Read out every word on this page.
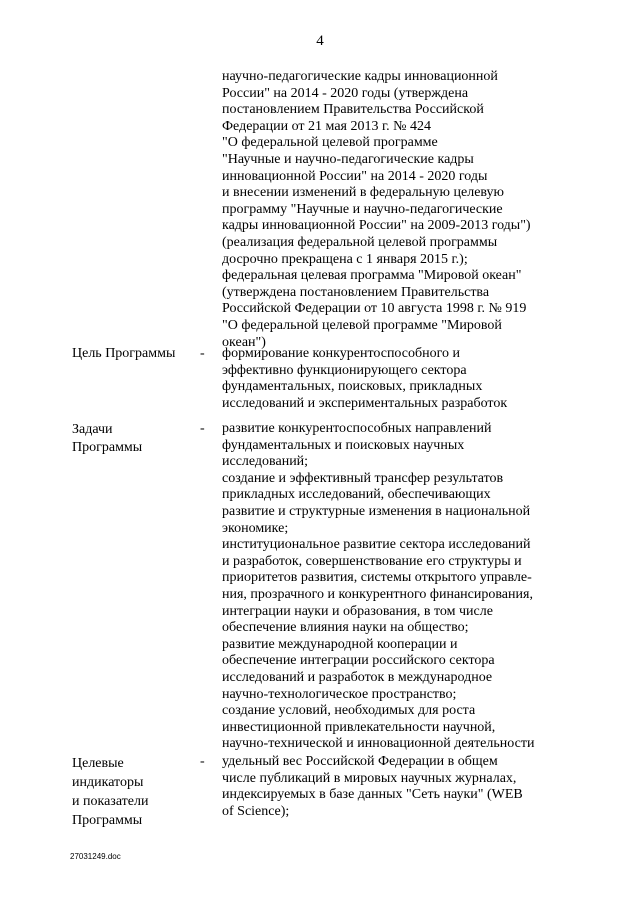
4
научно-педагогические кадры инновационной
России" на 2014 - 2020 годы (утверждена
постановлением Правительства Российской
Федерации от 21 мая 2013 г. № 424
"О федеральной целевой программе
"Научные и научно-педагогические кадры
инновационной России" на 2014 - 2020 годы
и внесении изменений в федеральную целевую
программу "Научные и научно-педагогические
кадры инновационной России" на 2009-2013 годы")
(реализация федеральной целевой программы
досрочно прекращена с 1 января 2015 г.);
федеральная целевая программа "Мировой океан"
(утверждена постановлением Правительства
Российской Федерации от 10 августа 1998 г. № 919
"О федеральной целевой программе "Мировой
океан")
Цель Программы - формирование конкурентоспособного и
эффективно функционирующего сектора
фундаментальных, поисковых, прикладных
исследований и экспериментальных разработок
Задачи
Программы
- развитие конкурентоспособных направлений
фундаментальных и поисковых научных
исследований;
создание и эффективный трансфер результатов
прикладных исследований, обеспечивающих
развитие и структурные изменения в национальной
экономике;
институциональное развитие сектора исследований
и разработок, совершенствование его структуры и
приоритетов развития, системы открытого управле-
ния, прозрачного и конкурентного финансирования,
интеграции науки и образования, в том числе
обеспечение влияния науки на общество;
развитие международной кооперации и
обеспечение интеграции российского сектора
исследований и разработок в международное
научно-технологическое пространство;
создание условий, необходимых для роста
инвестиционной привлекательности научной,
научно-технической и инновационной деятельности
Целевые
индикаторы
и показатели
Программы
- удельный вес Российской Федерации в общем
числе публикаций в мировых научных журналах,
индексируемых в базе данных "Сеть науки" (WEB
of Science);
27031249.doc
